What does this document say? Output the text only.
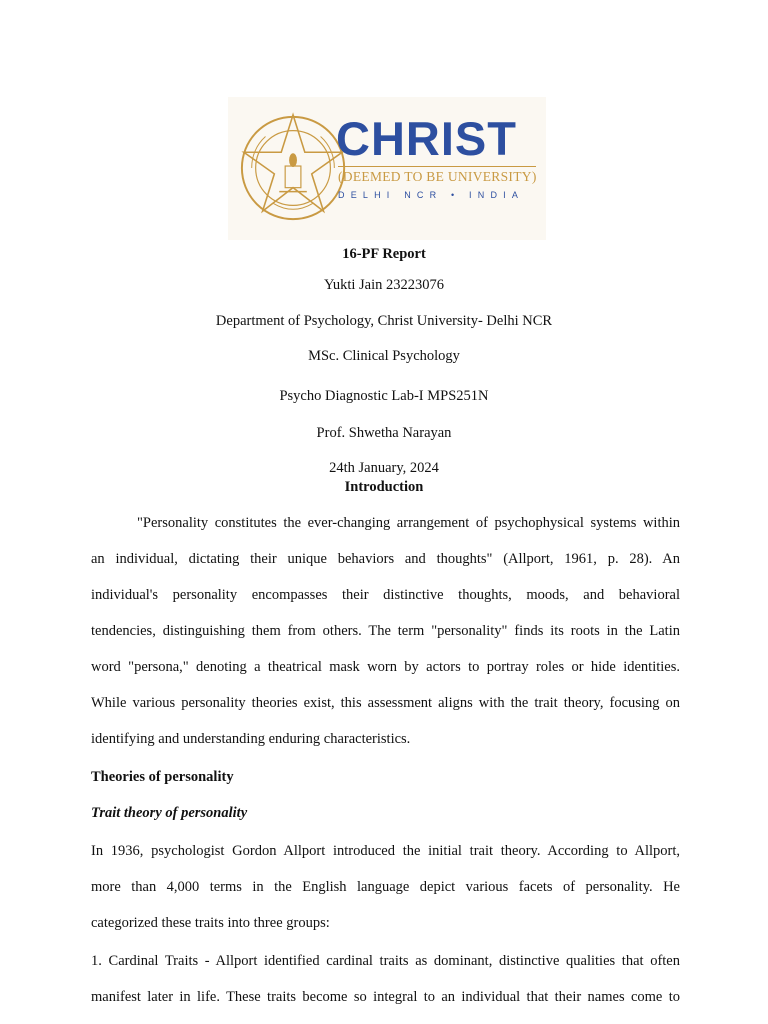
CHRIST
(DEEMED TO BE UNIVERSITY)
DELHI NCR • INDIA
16-PF Report
Yukti Jain 23223076
Department of Psychology, Christ University- Delhi NCR
MSc. Clinical Psychology
Psycho Diagnostic Lab-I MPS251N
Prof. Shwetha Narayan
24th January, 2024
Introduction
"Personality constitutes the ever-changing arrangement of psychophysical systems within
an individual, dictating their unique behaviors and thoughts" (Allport, 1961, p. 28). An
individual's personality encompasses their distinctive thoughts, moods, and behavioral
tendencies, distinguishing them from others. The term "personality" finds its roots in the Latin
word "persona," denoting a theatrical mask worn by actors to portray roles or hide identities.
While various personality theories exist, this assessment aligns with the trait theory, focusing on
identifying and understanding enduring characteristics.
Theories of personality
Trait theory of personality
In 1936, psychologist Gordon Allport introduced the initial trait theory. According to Allport,
more than 4,000 terms in the English language depict various facets of personality. He
categorized these traits into three groups:
1. Cardinal Traits - Allport identified cardinal traits as dominant, distinctive qualities that often
manifest later in life. These traits become so integral to an individual that their names come to
